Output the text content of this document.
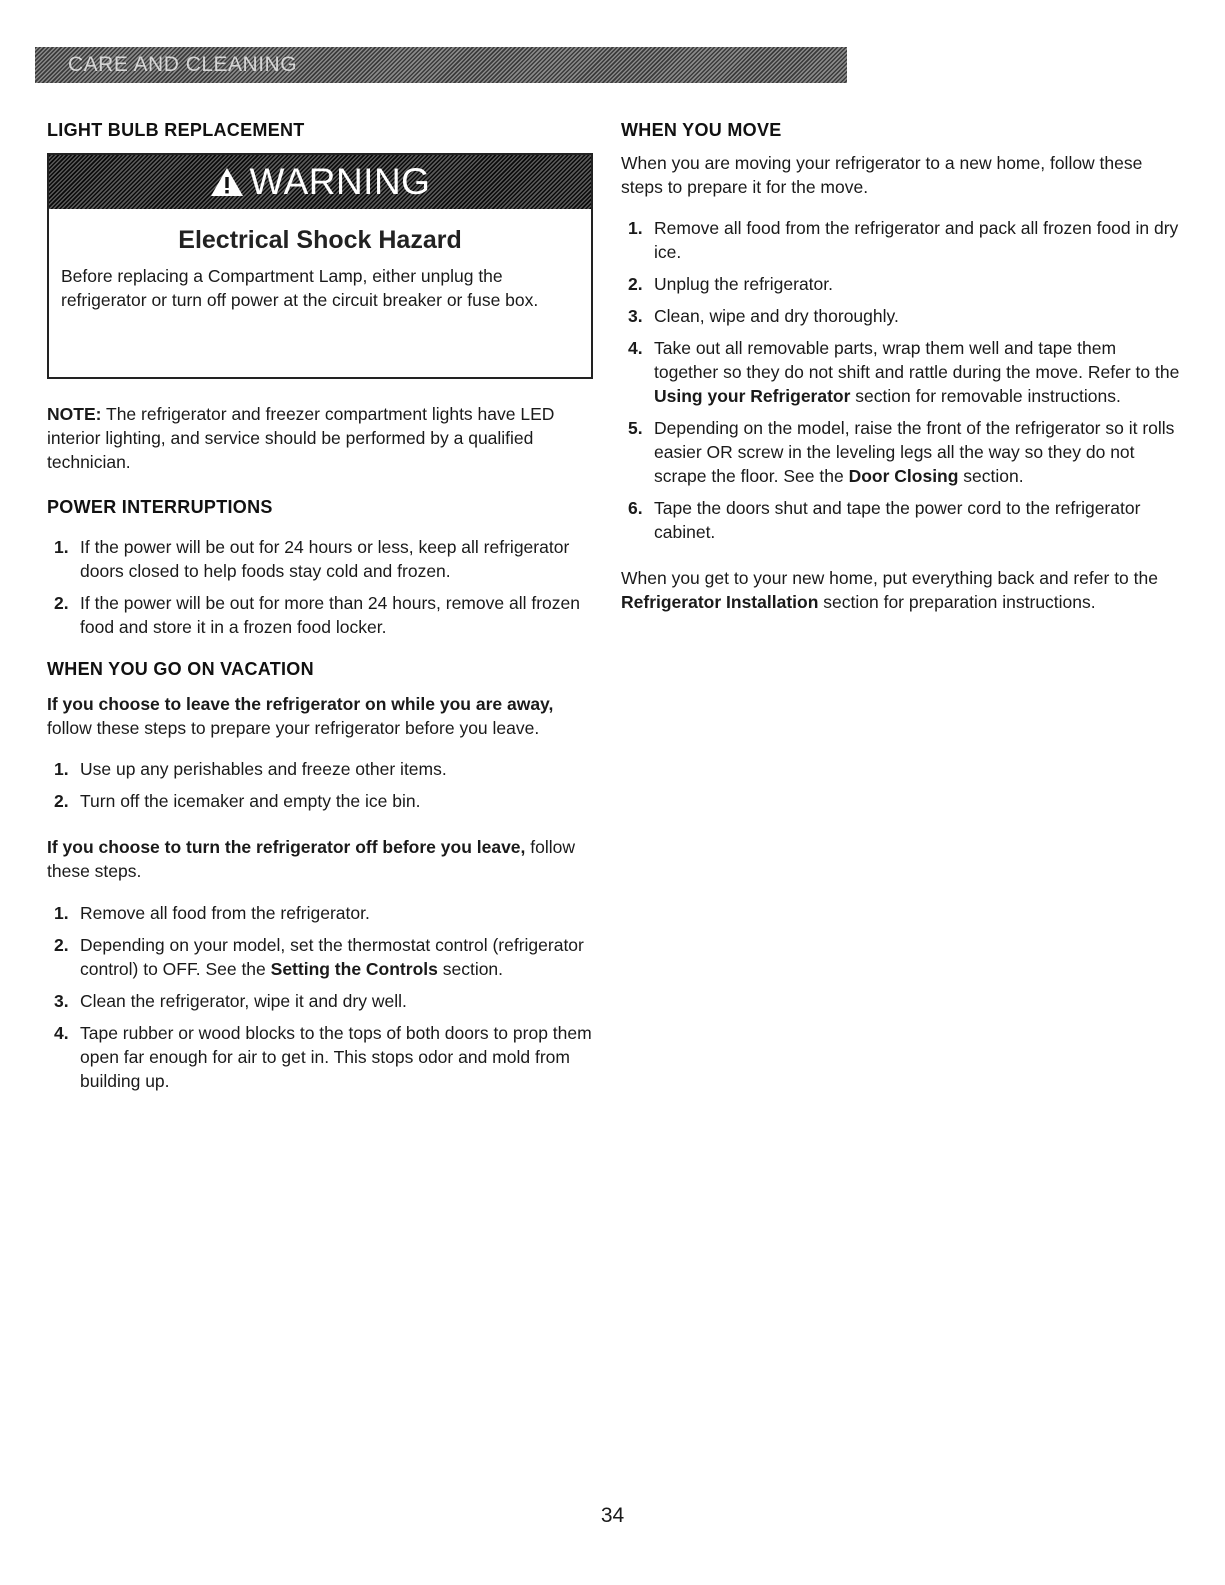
CARE AND CLEANING
LIGHT BULB REPLACEMENT
WARNING
Electrical Shock Hazard
Before replacing a Compartment Lamp, either unplug the refrigerator or turn off power at the circuit breaker or fuse box.

NOTE: The refrigerator and freezer compartment lights have LED interior lighting, and service should be performed by a qualified technician.

POWER INTERRUPTIONS
1. If the power will be out for 24 hours or less, keep all refrigerator doors closed to help foods stay cold and frozen.
2. If the power will be out for more than 24 hours, remove all frozen food and store it in a frozen food locker.
WHEN YOU GO ON VACATION

If you choose to leave the refrigerator on while you are away, follow these steps to prepare your refrigerator before you leave.

1. Use up any perishables and freeze other items.
2. Turn off the icemaker and empty the ice bin.

If you choose to turn the refrigerator off before you leave, follow these steps.

1. Remove all food from the refrigerator.
2. Depending on your model, set the thermostat control (refrigerator control) to OFF. See the Setting the Controls section.
3. Clean the refrigerator, wipe it and dry well.
4. Tape rubber or wood blocks to the tops of both doors to prop them open far enough for air to get in. This stops odor and mold from building up.
WHEN YOU MOVE

When you are moving your refrigerator to a new home, follow these steps to prepare it for the move.

1. Remove all food from the refrigerator and pack all frozen food in dry ice.
2. Unplug the refrigerator.
3. Clean, wipe and dry thoroughly.
4. Take out all removable parts, wrap them well and tape them together so they do not shift and rattle during the move. Refer to the Using your Refrigerator section for removable instructions.
5. Depending on the model, raise the front of the refrigerator so it rolls easier OR screw in the leveling legs all the way so they do not scrape the floor. See the Door Closing section.
6. Tape the doors shut and tape the power cord to the refrigerator cabinet.

When you get to your new home, put everything back and refer to the Refrigerator Installation section for preparation instructions.

34
